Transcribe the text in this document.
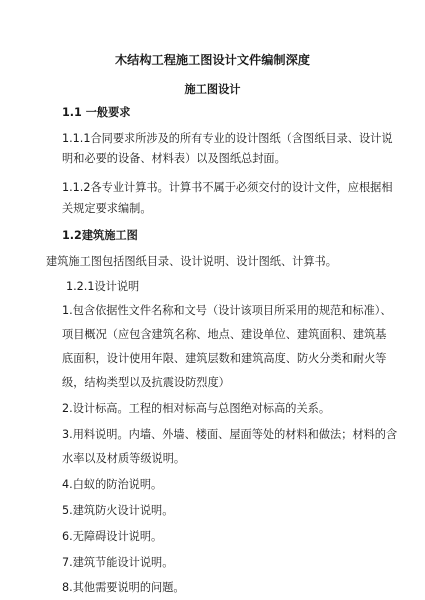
木结构工程施工图设计文件编制深度
施工图设计
1.1 一般要求
1.1.1合同要求所涉及的所有专业的设计图纸（含图纸目录、设计说
明和必要的设备、材料表）以及图纸总封面。
1.1.2各专业计算书。计算书不属于必须交付的设计文件，应根据相
关规定要求编制。
1.2建筑施工图
建筑施工图包括图纸目录、设计说明、设计图纸、计算书。
1.2.1设计说明
1.包含依据性文件名称和文号（设计该项目所采用的规范和标准）、
项目概况（应包含建筑名称、地点、建设单位、建筑面积、建筑基
底面积，设计使用年限、建筑层数和建筑高度、防火分类和耐火等
级，结构类型以及抗震设防烈度）
2.设计标高。工程的相对标高与总图绝对标高的关系。
3.用料说明。内墙、外墙、楼面、屋面等处的材料和做法；材料的含
水率以及材质等级说明。
4.白蚁的防治说明。
5.建筑防火设计说明。
6.无障碍设计说明。
7.建筑节能设计说明。
8.其他需要说明的问题。
